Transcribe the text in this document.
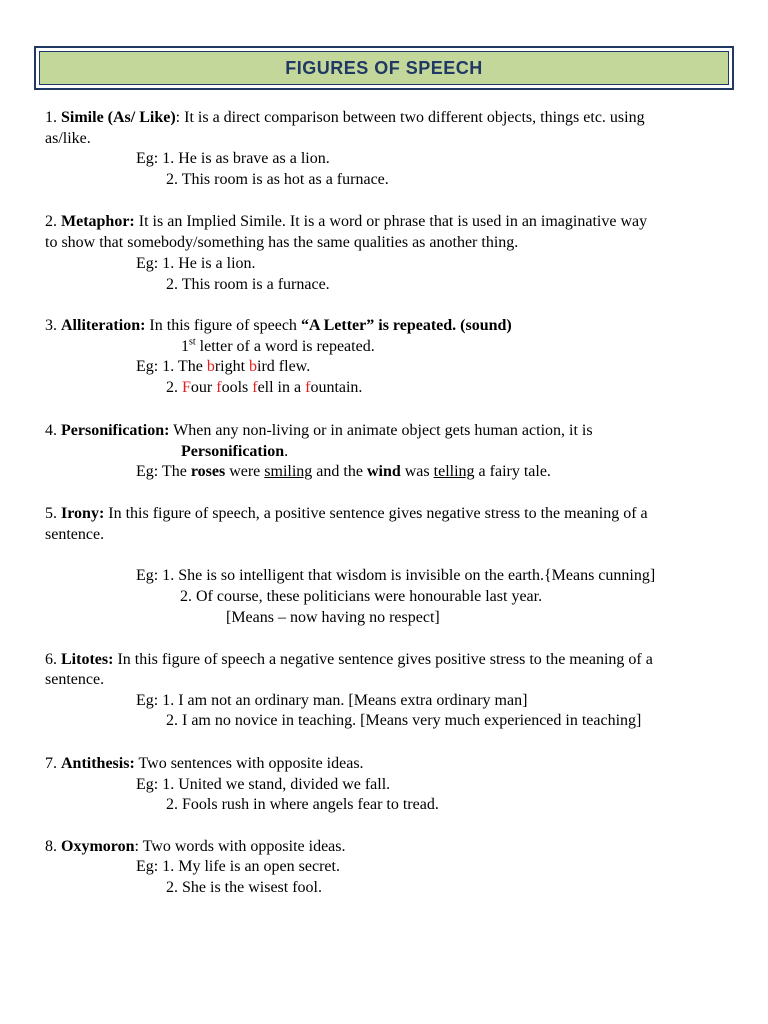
FIGURES OF SPEECH
1. Simile (As/ Like): It is a direct comparison between two different objects, things etc. using
as/like.
Eg: 1. He is as brave as a lion.
2. This room is as hot as a furnace.
2. Metaphor: It is an Implied Simile. It is a word or phrase that is used in an imaginative way
to show that somebody/something has the same qualities as another thing.
Eg: 1. He is a lion.
2. This room is a furnace.
3. Alliteration: In this figure of speech “A Letter” is repeated. (sound)
1st letter of a word is repeated.
Eg: 1. The bright bird flew.
2. Four fools fell in a fountain.
4. Personification: When any non-living or in animate object gets human action, it is
Personification.
Eg: The roses were smiling and the wind was telling a fairy tale.
5. Irony: In this figure of speech, a positive sentence gives negative stress to the meaning of a
sentence.
Eg: 1. She is so intelligent that wisdom is invisible on the earth.{Means cunning]
2. Of course, these politicians were honourable last year.
[Means – now having no respect]
6. Litotes: In this figure of speech a negative sentence gives positive stress to the meaning of a
sentence.
Eg: 1. I am not an ordinary man. [Means extra ordinary man]
2. I am no novice in teaching. [Means very much experienced in teaching]
7. Antithesis: Two sentences with opposite ideas.
Eg: 1. United we stand, divided we fall.
2. Fools rush in where angels fear to tread.
8. Oxymoron: Two words with opposite ideas.
Eg: 1. My life is an open secret.
2. She is the wisest fool.
